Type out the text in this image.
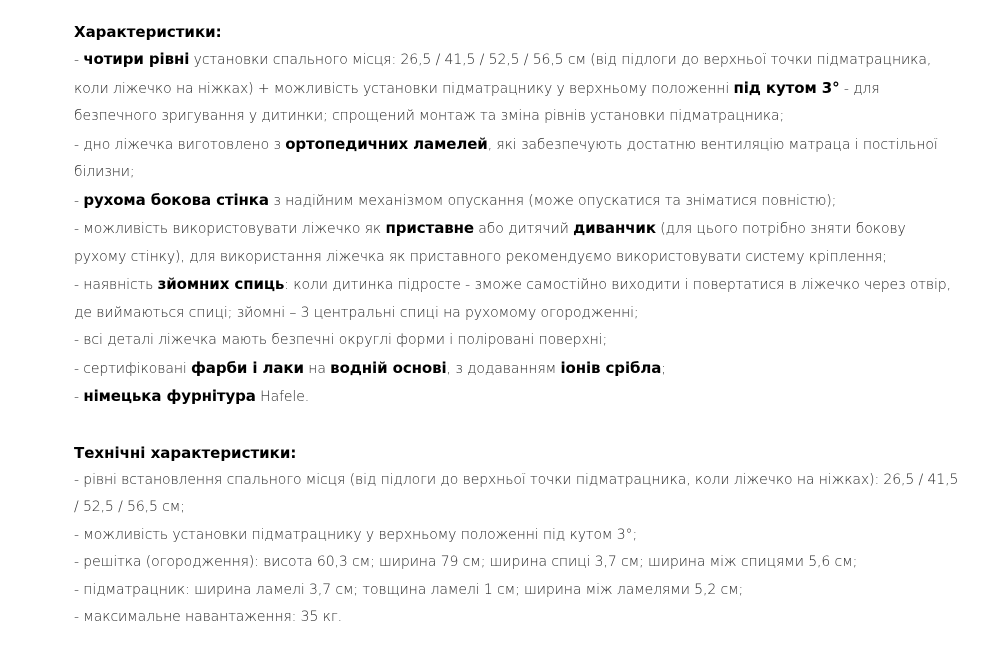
Характеристики:

- чотири рівні установки спального місця: 26,5 / 41,5 / 52,5 / 56,5 см (від підлоги до верхньої точки підматрацника, коли ліжечко на ніжках) + можливість установки підматрацнику у верхньому положенні під кутом 3° - для безпечного зригування у дитинки; спрощений монтаж та зміна рівнів установки підматрацника;

- дно ліжечка виготовлено з ортопедичних ламелей, які забезпечують достатню вентиляцію матраца і постільної білизни;

- рухома бокова стінка з надійним механізмом опускання (може опускатися та зніматися повністю);

- можливість використовувати ліжечко як приставне або дитячий диванчик (для цього потрібно зняти бокову рухому стінку), для використання ліжечка як приставного рекомендуємо використовувати систему кріплення;

- наявність зйомних спиць: коли дитинка підросте - зможе самостійно виходити і повертатися в ліжечко через отвір, де виймаються спиці; зйомні – 3 центральні спиці на рухомому огородженні;

- всі деталі ліжечка мають безпечні округлі форми і поліровані поверхні;

- сертифіковані фарби і лаки на водній основі, з додаванням іонів срібла;

- німецька фурнітура Hafele.

Технічні характеристики:

- рівні встановлення спального місця (від підлоги до верхньої точки підматрацника, коли ліжечко на ніжках): 26,5 / 41,5 / 52,5 / 56,5 см;

- можливість установки підматрацнику у верхньому положенні під кутом 3°;

- решітка (огородження): висота 60,3 см; ширина 79 см; ширина спиці 3,7 см; ширина між спицями 5,6 см;

- підматрацник: ширина ламелі 3,7 см; товщина ламелі 1 см; ширина між ламелями 5,2 см;

- максимальне навантаження: 35 кг.
